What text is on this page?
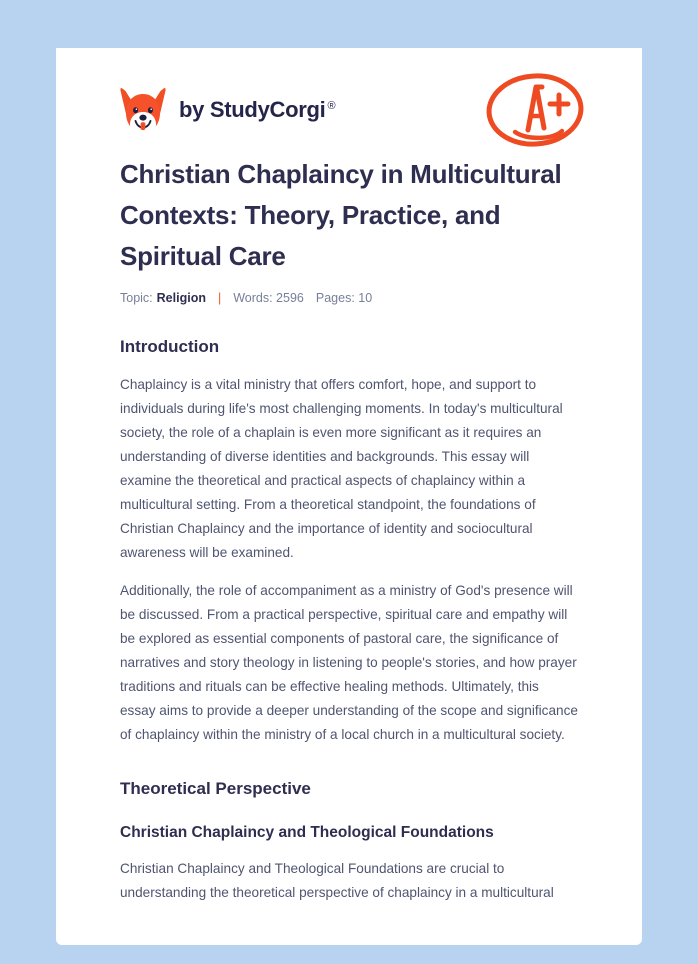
by StudyCorgi ®
Christian Chaplaincy in Multicultural Contexts: Theory, Practice, and Spiritual Care
Topic: Religion | Words: 2596 Pages: 10
Introduction

Chaplaincy is a vital ministry that offers comfort, hope, and support to individuals during life's most challenging moments. In today's multicultural society, the role of a chaplain is even more significant as it requires an understanding of diverse identities and backgrounds. This essay will examine the theoretical and practical aspects of chaplaincy within a multicultural setting. From a theoretical standpoint, the foundations of Christian Chaplaincy and the importance of identity and sociocultural awareness will be examined.

Additionally, the role of accompaniment as a ministry of God's presence will be discussed. From a practical perspective, spiritual care and empathy will be explored as essential components of pastoral care, the significance of narratives and story theology in listening to people's stories, and how prayer traditions and rituals can be effective healing methods. Ultimately, this essay aims to provide a deeper understanding of the scope and significance of chaplaincy within the ministry of a local church in a multicultural society.

Theoretical Perspective
Christian Chaplaincy and Theological Foundations

Christian Chaplaincy and Theological Foundations are crucial to understanding the theoretical perspective of chaplaincy in a multicultural
